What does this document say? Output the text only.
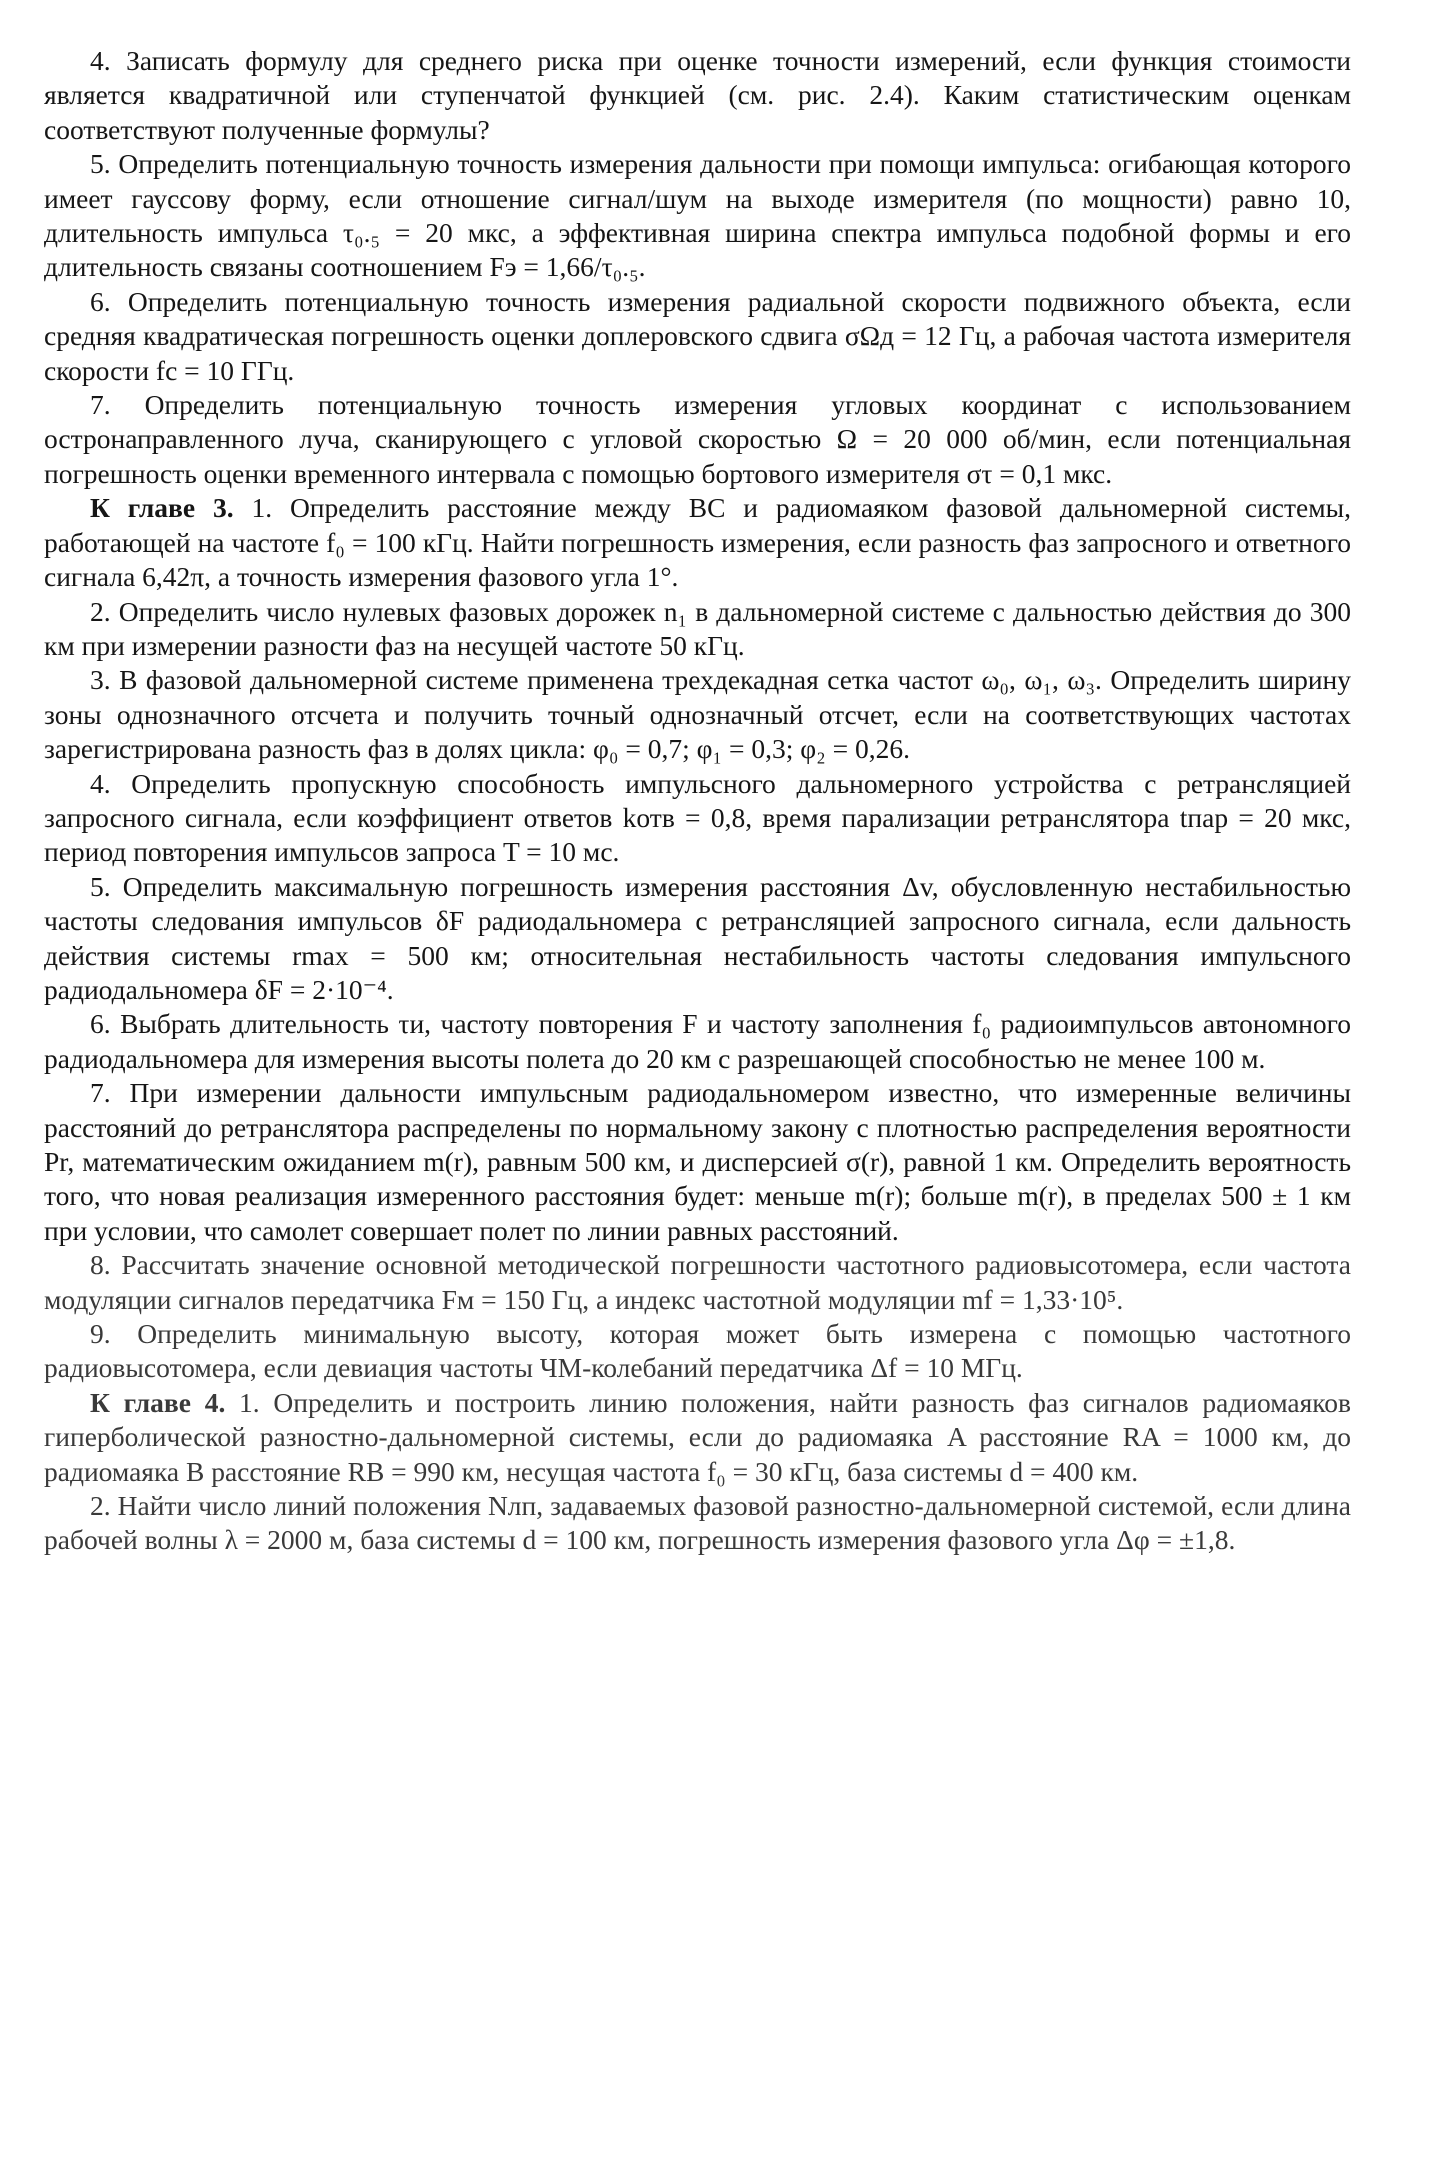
4. Записать формулу для среднего риска при оценке точности измерений, если функция стоимости является квадратичной или ступенчатой функцией (см. рис. 2.4). Каким статистическим оценкам соответствуют полученные формулы?

5. Определить потенциальную точность измерения дальности при помощи импульса: огибающая которого имеет гауссову форму, если отношение сигнал/шум на выходе измерителя (по мощности) равно 10, длительность импульса τ₀.₅ = 20 мкс, а эффективная ширина спектра импульса подобной формы и его длительность связаны соотношением Fэ = 1,66/τ₀.₅.

6. Определить потенциальную точность измерения радиальной скорости подвижного объекта, если средняя квадратическая погрешность оценки доплеровского сдвига σΩд = 12 Гц, а рабочая частота измерителя скорости fс = 10 ГГц.

7. Определить потенциальную точность измерения угловых координат с использованием остронаправленного луча, сканирующего с угловой скоростью Ω = 20 000 об/мин, если потенциальная погрешность оценки временного интервала с помощью бортового измерителя στ = 0,1 мкс.

К главе 3. 1. Определить расстояние между ВС и радиомаяком фазовой дальномерной системы, работающей на частоте f₀ = 100 кГц. Найти погрешность измерения, если разность фаз запросного и ответного сигнала 6,42π, а точность измерения фазового угла 1°.

2. Определить число нулевых фазовых дорожек n₁ в дальномерной системе с дальностью действия до 300 км при измерении разности фаз на несущей частоте 50 кГц.

3. В фазовой дальномерной системе применена трехдекадная сетка частот ω₀, ω₁, ω₃. Определить ширину зоны однозначного отсчета и получить точный однозначный отсчет, если на соответствующих частотах зарегистрирована разность фаз в долях цикла: φ₀ = 0,7; φ₁ = 0,3; φ₂ = 0,26.

4. Определить пропускную способность импульсного дальномерного устройства с ретрансляцией запросного сигнала, если коэффициент ответов kотв = 0,8, время парализации ретранслятора tпар = 20 мкс, период повторения импульсов запроса T = 10 мс.

5. Определить максимальную погрешность измерения расстояния Δv, обусловленную нестабильностью частоты следования импульсов δF радиодальномера с ретрансляцией запросного сигнала, если дальность действия системы rmax = 500 км; относительная нестабильность частоты следования импульсного радиодальномера δF = 2·10⁻⁴.

6. Выбрать длительность τи, частоту повторения F и частоту заполнения f₀ радиоимпульсов автономного радиодальномера для измерения высоты полета до 20 км с разрешающей способностью не менее 100 м.

7. При измерении дальности импульсным радиодальномером известно, что измеренные величины расстояний до ретранслятора распределены по нормальному закону с плотностью распределения вероятности Pr, математическим ожиданием m(r), равным 500 км, и дисперсией σ(r), равной 1 км. Определить вероятность того, что новая реализация измеренного расстояния будет: меньше m(r); больше m(r), в пределах 500 ± 1 км при условии, что самолет совершает полет по линии равных расстояний.

8. Рассчитать значение основной методической погрешности частотного радиовысотомера, если частота модуляции сигналов передатчика Fм = 150 Гц, а индекс частотной модуляции mf = 1,33·10⁵.

9. Определить минимальную высоту, которая может быть измерена с помощью частотного радиовысотомера, если девиация частоты ЧМ-колебаний передатчика Δf = 10 МГц.

К главе 4. 1. Определить и построить линию положения, найти разность фаз сигналов радиомаяков гиперболической разностно-дальномерной системы, если до радиомаяка A расстояние RA = 1000 км, до радиомаяка B расстояние RB = 990 км, несущая частота f₀ = 30 кГц, база системы d = 400 км.

2. Найти число линий положения Nлп, задаваемых фазовой разностно-дальномерной системой, если длина рабочей волны λ = 2000 м, база системы d = 100 км, погрешность измерения фазового угла Δφ = ±1,8.
